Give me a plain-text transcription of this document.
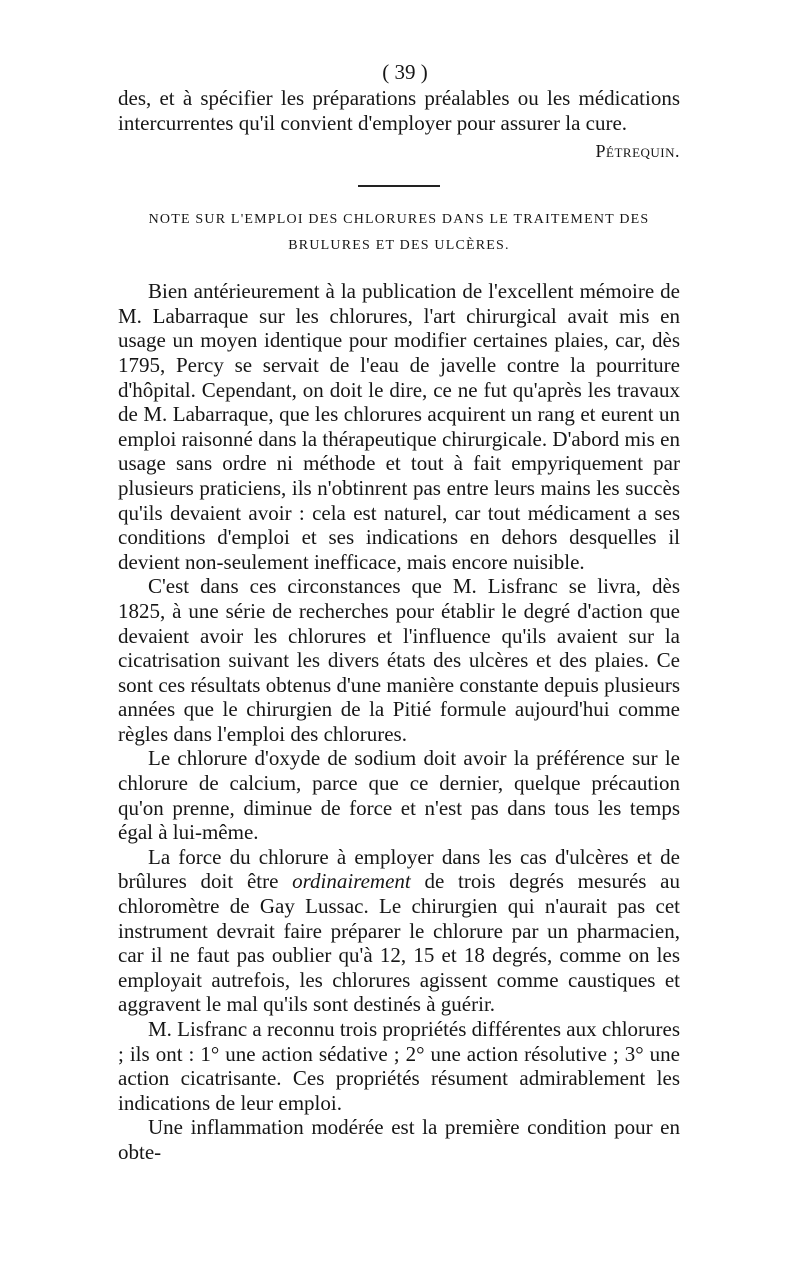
( 39 )

des, et à spécifier les préparations préalables ou les médications intercurrentes qu'il convient d'employer pour assurer la cure.

Pétrequin.
NOTE SUR L'EMPLOI DES CHLORURES DANS LE TRAITEMENT DES
BRULURES ET DES ULCÈRES.

Bien antérieurement à la publication de l'excellent mémoire de M. Labarraque sur les chlorures, l'art chirurgical avait mis en usage un moyen identique pour modifier certaines plaies, car, dès 1795, Percy se servait de l'eau de javelle contre la pourriture d'hôpital. Cependant, on doit le dire, ce ne fut qu'après les travaux de M. Labarraque, que les chlorures acquirent un rang et eurent un emploi raisonné dans la thérapeutique chirurgicale. D'abord mis en usage sans ordre ni méthode et tout à fait empyriquement par plusieurs praticiens, ils n'obtinrent pas entre leurs mains les succès qu'ils devaient avoir : cela est naturel, car tout médicament a ses conditions d'emploi et ses indications en dehors desquelles il devient non-seulement inefficace, mais encore nuisible.

C'est dans ces circonstances que M. Lisfranc se livra, dès 1825, à une série de recherches pour établir le degré d'action que devaient avoir les chlorures et l'influence qu'ils avaient sur la cicatrisation suivant les divers états des ulcères et des plaies. Ce sont ces résultats obtenus d'une manière constante depuis plusieurs années que le chirurgien de la Pitié formule aujourd'hui comme règles dans l'emploi des chlorures.

Le chlorure d'oxyde de sodium doit avoir la préférence sur le chlorure de calcium, parce que ce dernier, quelque précaution qu'on prenne, diminue de force et n'est pas dans tous les temps égal à lui-même.

La force du chlorure à employer dans les cas d'ulcères et de brûlures doit être ordinairement de trois degrés mesurés au chloromètre de Gay Lussac. Le chirurgien qui n'aurait pas cet instrument devrait faire préparer le chlorure par un pharmacien, car il ne faut pas oublier qu'à 12, 15 et 18 degrés, comme on les employait autrefois, les chlorures agissent comme caustiques et aggravent le mal qu'ils sont destinés à guérir.

M. Lisfranc a reconnu trois propriétés différentes aux chlorures ; ils ont : 1° une action sédative ; 2° une action résolutive ; 3° une action cicatrisante. Ces propriétés résument admirablement les indications de leur emploi.

Une inflammation modérée est la première condition pour en obte-
